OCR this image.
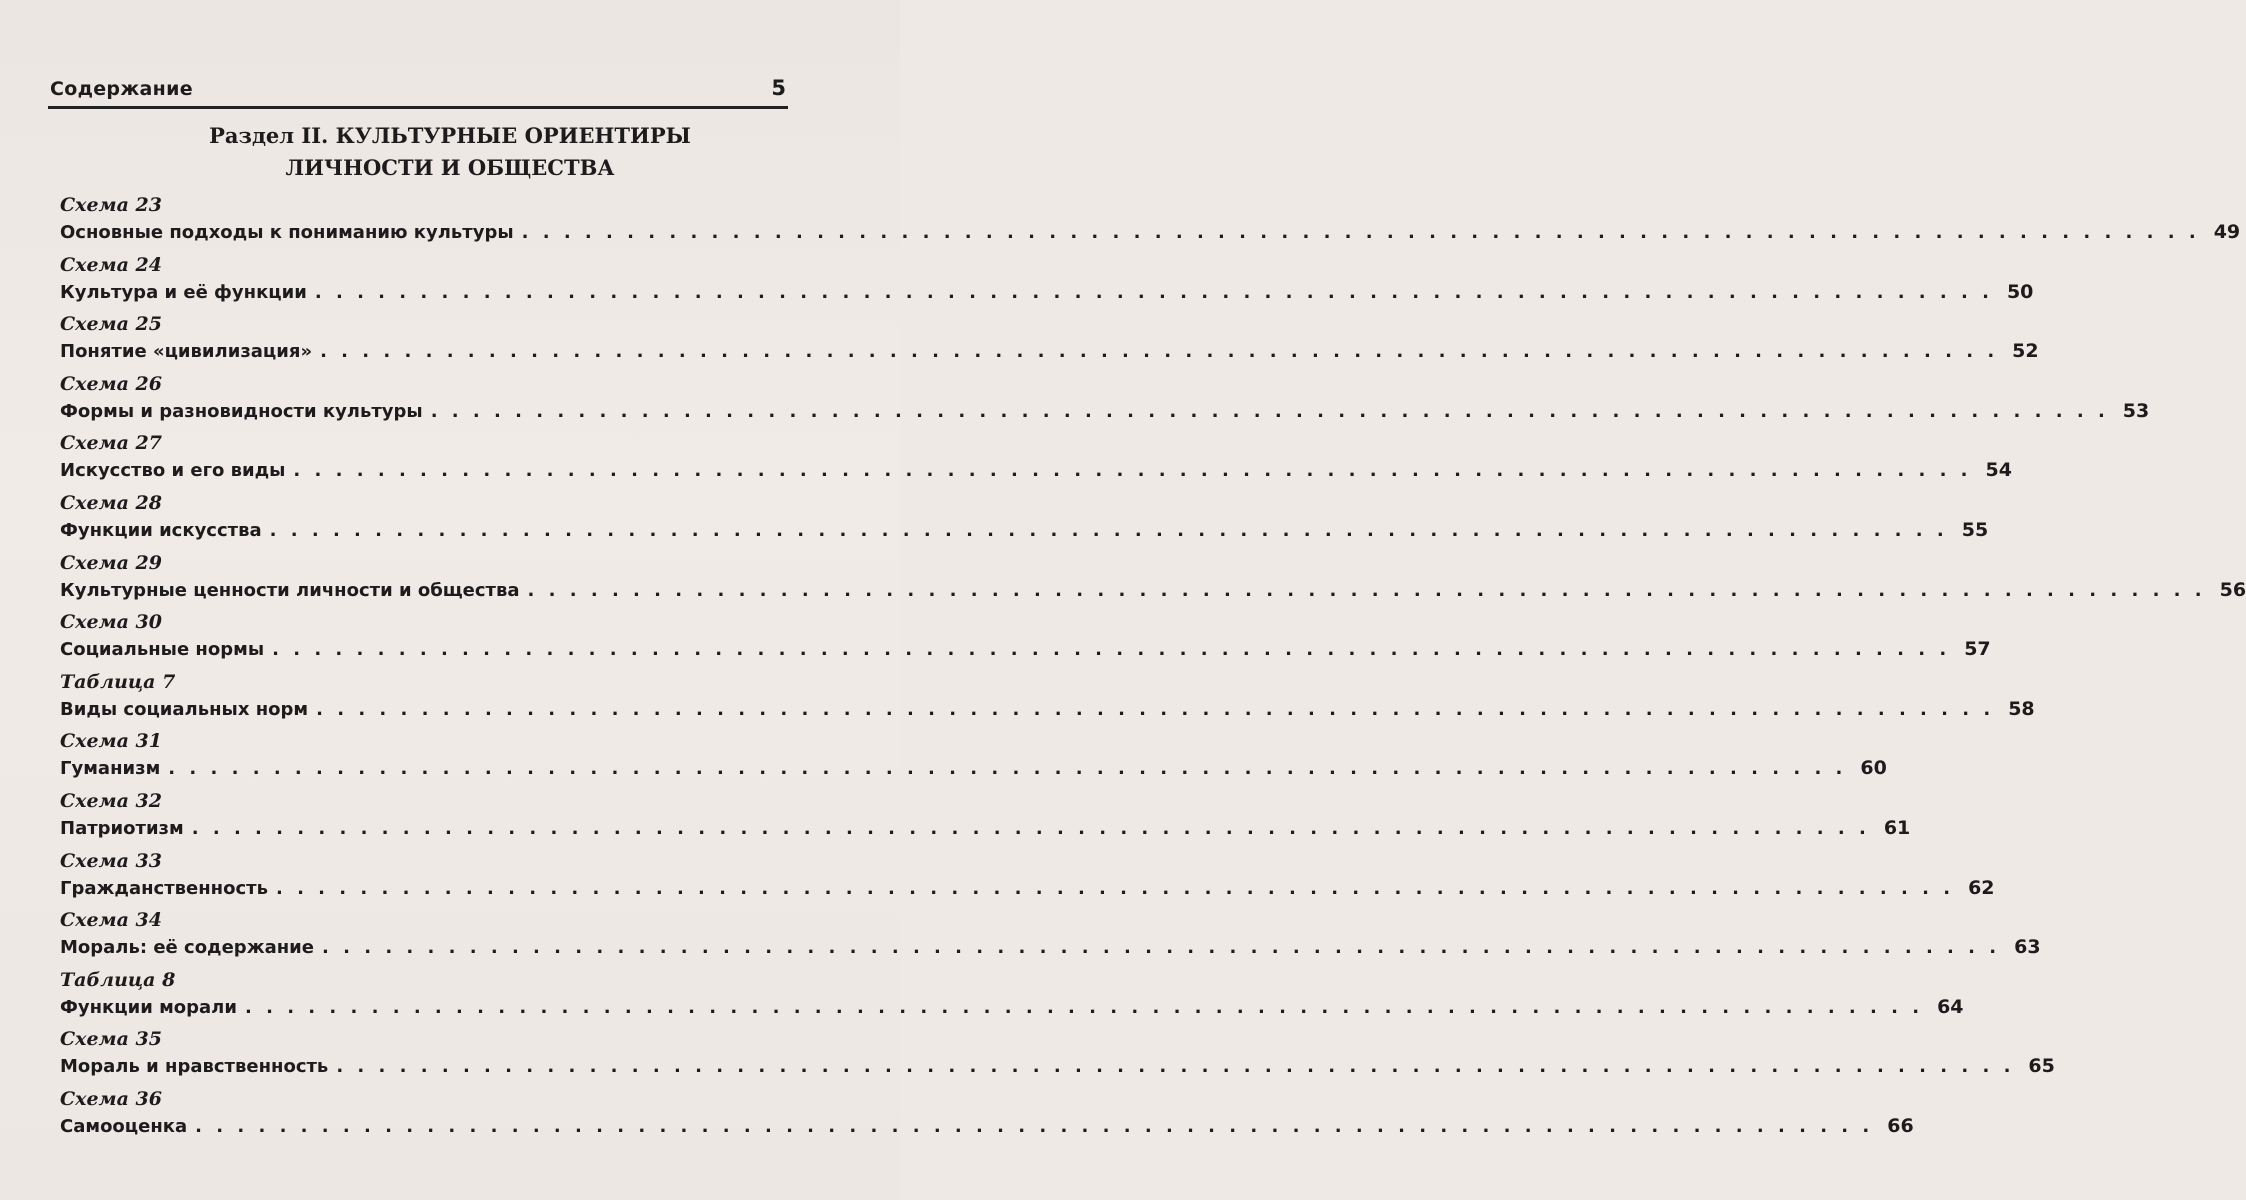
Содержание	5
Раздел II. КУЛЬТУРНЫЕ ОРИЕНТИРЫ
ЛИЧНОСТИ И ОБЩЕСТВА
Схема 23
Основные подходы к пониманию культуры . . . . . . . . . . . . . . . . . . . . . . . . . . . . . . . . . . . . . . . . . . . . . . . . . . . . . . . . . . . . . . . . . . . . . . . . . . . . . . . . 49
Схема 24
Культура и её функции . . . . . . . . . . . . . . . . . . . . . . . . . . . . . . . . . . . . . . . . . . . . . . . . . . . . . . . . . . . . . . . . . . . . . . . . . . . . . . . . 50
Схема 25
Понятие «цивилизация» . . . . . . . . . . . . . . . . . . . . . . . . . . . . . . . . . . . . . . . . . . . . . . . . . . . . . . . . . . . . . . . . . . . . . . . . . . . . . . . . 52
Схема 26
Формы и разновидности культуры . . . . . . . . . . . . . . . . . . . . . . . . . . . . . . . . . . . . . . . . . . . . . . . . . . . . . . . . . . . . . . . . . . . . . . . . . . . . . . . . 53
Схема 27
Искусство и его виды . . . . . . . . . . . . . . . . . . . . . . . . . . . . . . . . . . . . . . . . . . . . . . . . . . . . . . . . . . . . . . . . . . . . . . . . . . . . . . . . 54
Схема 28
Функции искусства . . . . . . . . . . . . . . . . . . . . . . . . . . . . . . . . . . . . . . . . . . . . . . . . . . . . . . . . . . . . . . . . . . . . . . . . . . . . . . . . 55
Схема 29
Культурные ценности личности и общества . . . . . . . . . . . . . . . . . . . . . . . . . . . . . . . . . . . . . . . . . . . . . . . . . . . . . . . . . . . . . . . . . . . . . . . . . . . . . . . . 56
Схема 30
Социальные нормы . . . . . . . . . . . . . . . . . . . . . . . . . . . . . . . . . . . . . . . . . . . . . . . . . . . . . . . . . . . . . . . . . . . . . . . . . . . . . . . . 57
Таблица 7
Виды социальных норм . . . . . . . . . . . . . . . . . . . . . . . . . . . . . . . . . . . . . . . . . . . . . . . . . . . . . . . . . . . . . . . . . . . . . . . . . . . . . . . . 58
Схема 31
Гуманизм . . . . . . . . . . . . . . . . . . . . . . . . . . . . . . . . . . . . . . . . . . . . . . . . . . . . . . . . . . . . . . . . . . . . . . . . . . . . . . . . 60
Схема 32
Патриотизм . . . . . . . . . . . . . . . . . . . . . . . . . . . . . . . . . . . . . . . . . . . . . . . . . . . . . . . . . . . . . . . . . . . . . . . . . . . . . . . . 61
Схема 33
Гражданственность . . . . . . . . . . . . . . . . . . . . . . . . . . . . . . . . . . . . . . . . . . . . . . . . . . . . . . . . . . . . . . . . . . . . . . . . . . . . . . . . 62
Схема 34
Мораль: её содержание . . . . . . . . . . . . . . . . . . . . . . . . . . . . . . . . . . . . . . . . . . . . . . . . . . . . . . . . . . . . . . . . . . . . . . . . . . . . . . . . 63
Таблица 8
Функции морали . . . . . . . . . . . . . . . . . . . . . . . . . . . . . . . . . . . . . . . . . . . . . . . . . . . . . . . . . . . . . . . . . . . . . . . . . . . . . . . . 64
Схема 35
Мораль и нравственность . . . . . . . . . . . . . . . . . . . . . . . . . . . . . . . . . . . . . . . . . . . . . . . . . . . . . . . . . . . . . . . . . . . . . . . . . . . . . . . . 65
Схема 36
Самооценка . . . . . . . . . . . . . . . . . . . . . . . . . . . . . . . . . . . . . . . . . . . . . . . . . . . . . . . . . . . . . . . . . . . . . . . . . . . . . . . . 66
